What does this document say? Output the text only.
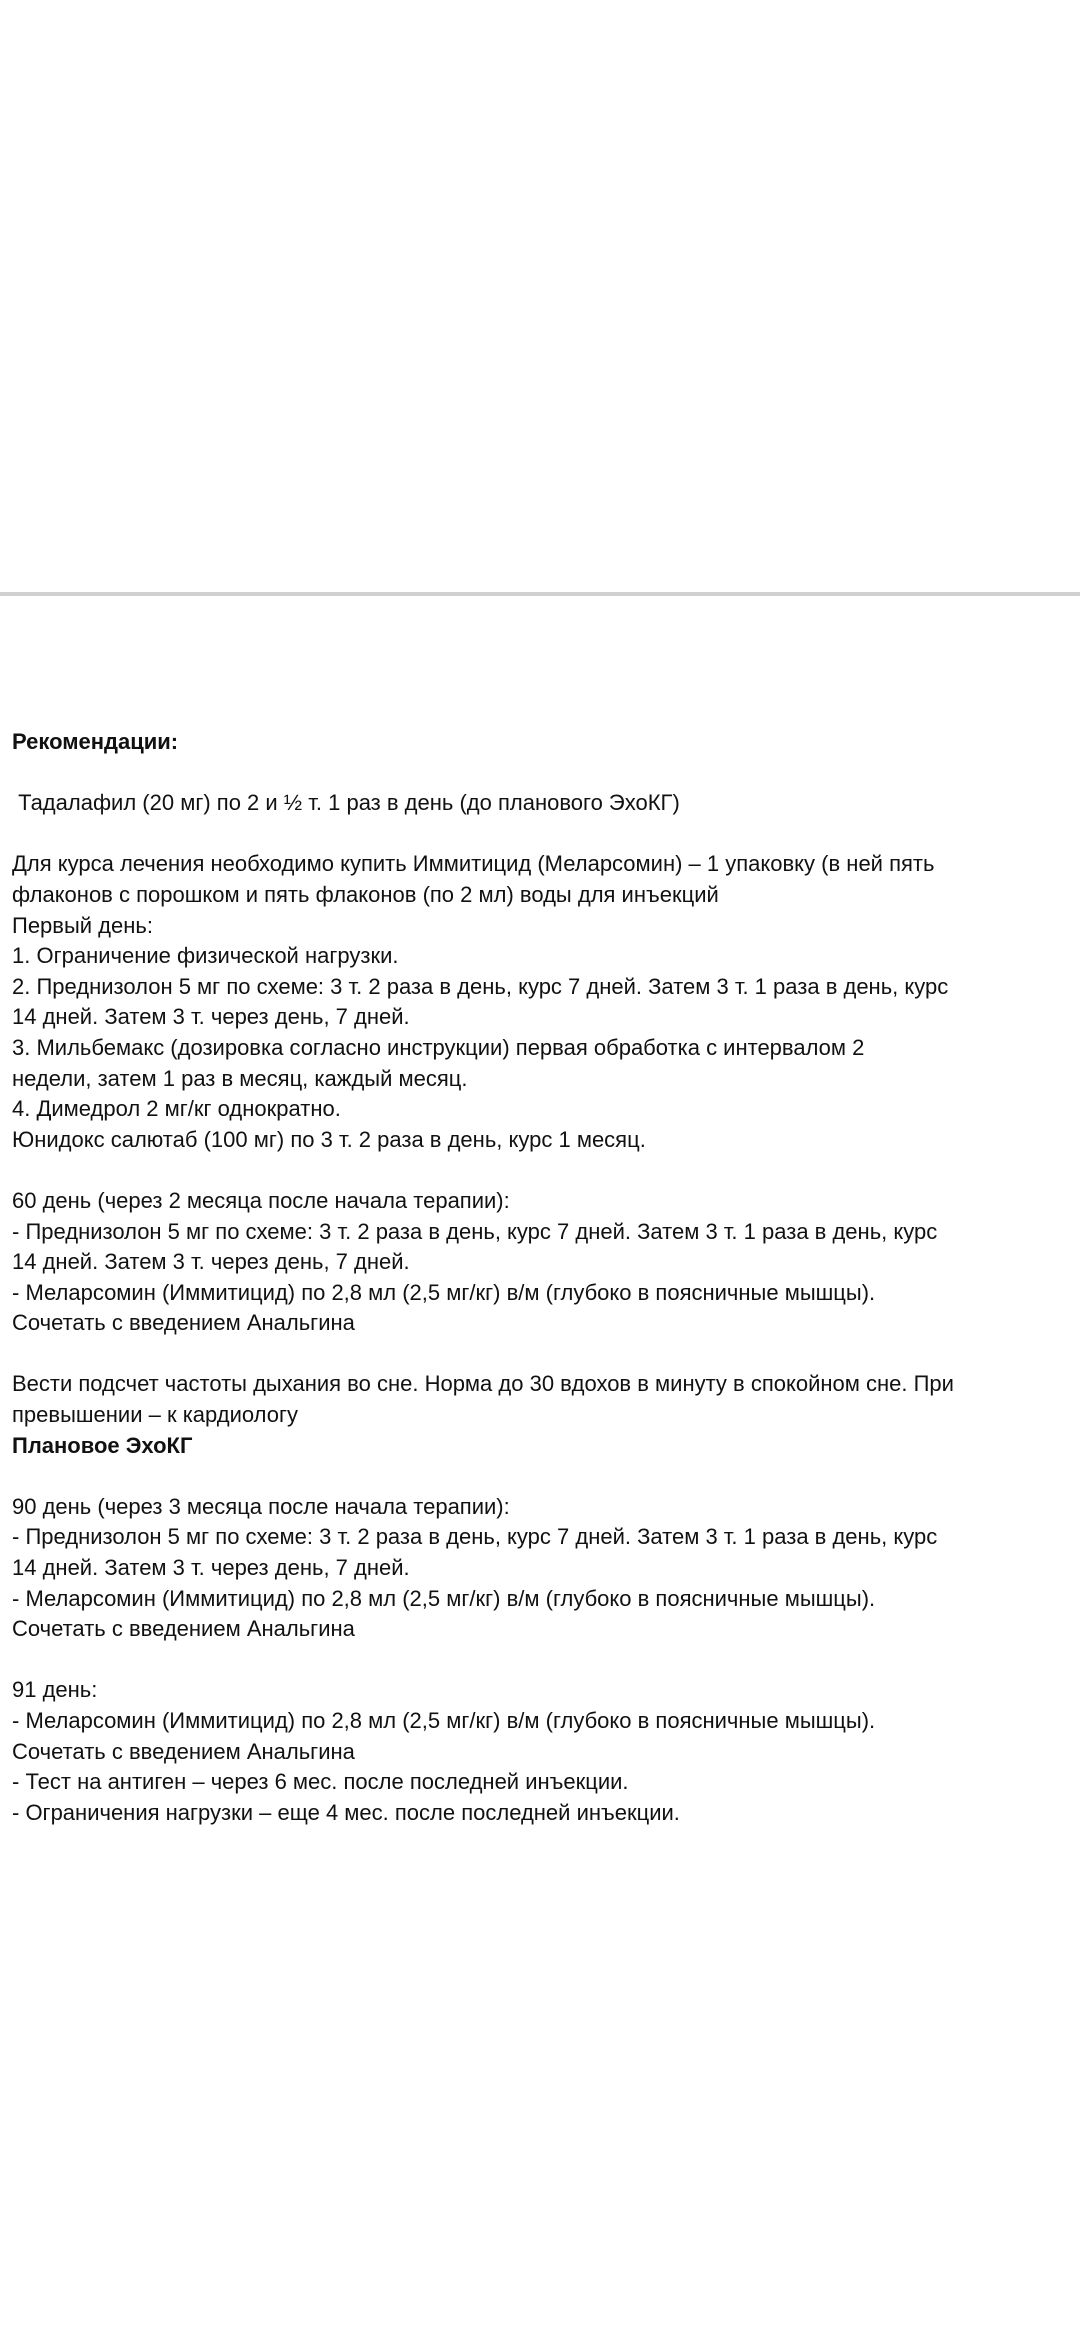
Рекомендации:
Тадалафил (20 мг) по 2 и ½ т. 1 раз в день (до планового ЭхоКГ)
Для курса лечения необходимо купить Иммитицид (Меларсомин) – 1 упаковку (в ней пять
флаконов с порошком и пять флаконов (по 2 мл) воды для инъекций
Первый день:
1. Ограничение физической нагрузки.
2. Преднизолон 5 мг по схеме: 3 т. 2 раза в день, курс 7 дней. Затем 3 т. 1 раза в день, курс
14 дней. Затем 3 т. через день, 7 дней.
3. Мильбемакс (дозировка согласно инструкции) первая обработка с интервалом 2
недели, затем 1 раз в месяц, каждый месяц.
4. Димедрол 2 мг/кг однократно.
Юнидокс салютаб (100 мг) по 3 т. 2 раза в день, курс 1 месяц.
60 день (через 2 месяца после начала терапии):
- Преднизолон 5 мг по схеме: 3 т. 2 раза в день, курс 7 дней. Затем 3 т. 1 раза в день, курс
14 дней. Затем 3 т. через день, 7 дней.
- Меларсомин (Иммитицид) по 2,8 мл (2,5 мг/кг) в/м (глубоко в поясничные мышцы).
Сочетать с введением Анальгина
Вести подсчет частоты дыхания во сне. Норма до 30 вдохов в минуту в спокойном сне. При
превышении – к кардиологу
Плановое ЭхоКГ
90 день (через 3 месяца после начала терапии):
- Преднизолон 5 мг по схеме: 3 т. 2 раза в день, курс 7 дней. Затем 3 т. 1 раза в день, курс
14 дней. Затем 3 т. через день, 7 дней.
- Меларсомин (Иммитицид) по 2,8 мл (2,5 мг/кг) в/м (глубоко в поясничные мышцы).
Сочетать с введением Анальгина
91 день:
- Меларсомин (Иммитицид) по 2,8 мл (2,5 мг/кг) в/м (глубоко в поясничные мышцы).
Сочетать с введением Анальгина
- Тест на антиген – через 6 мес. после последней инъекции.
- Ограничения нагрузки – еще 4 мес. после последней инъекции.
